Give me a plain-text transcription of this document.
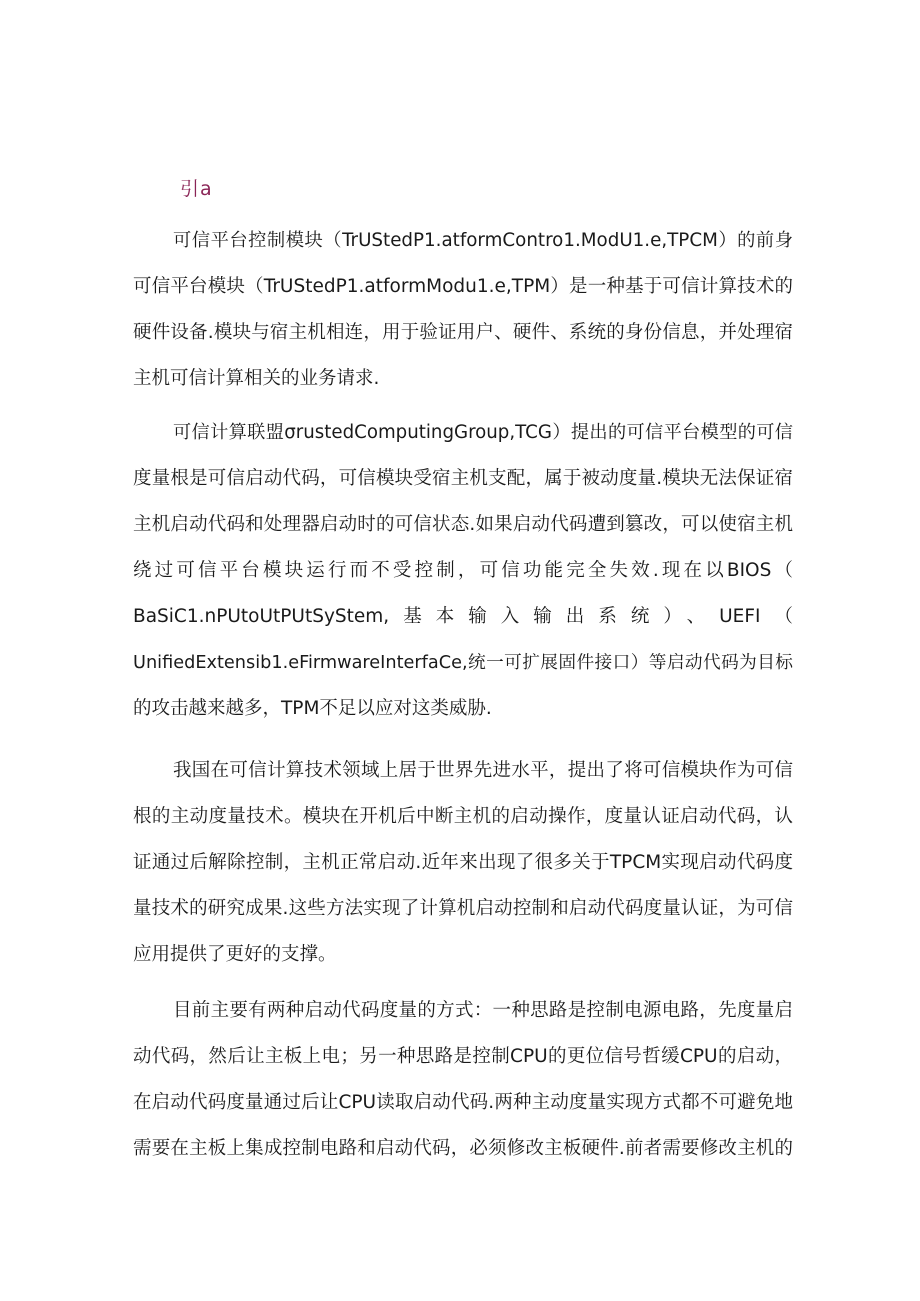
引a
可信平台控制模块（TrUStedP1.atformContro1.ModU1.e,TPCM）的前身
可信平台模块（TrUStedP1.atformModu1.e,TPM）是一种基于可信计算技术的
硬件设备.模块与宿主机相连，用于验证用户、硬件、系统的身份信息，并处理宿
主机可信计算相关的业务请求.
可信计算联盟σrustedComputingGroup,TCG）提出的可信平台模型的可信
度量根是可信启动代码，可信模块受宿主机支配，属于被动度量.模块无法保证宿
主机启动代码和处理器启动时的可信状态.如果启动代码遭到篡改，可以使宿主机
绕过可信平台模块运行而不受控制，可信功能完全失效.现在以BIOS（
BaSiC1.nPUtoUtPUtSyStem,基本输入输出系统）、UEFI（
UnifiedExtensib1.eFirmwareInterfaCe,统一可扩展固件接口）等启动代码为目标
的攻击越来越多，TPM不足以应对这类威胁.
我国在可信计算技术领域上居于世界先进水平，提出了将可信模块作为可信
根的主动度量技术。模块在开机后中断主机的启动操作，度量认证启动代码，认
证通过后解除控制，主机正常启动.近年来出现了很多关于TPCM实现启动代码度
量技术的研究成果.这些方法实现了计算机启动控制和启动代码度量认证，为可信
应用提供了更好的支撑。
目前主要有两种启动代码度量的方式：一种思路是控制电源电路，先度量启
动代码，然后让主板上电；另一种思路是控制CPU的更位信号哲缓CPU的启动，
在启动代码度量通过后让CPU读取启动代码.两种主动度量实现方式都不可避免地
需要在主板上集成控制电路和启动代码，必须修改主板硬件.前者需要修改主机的
